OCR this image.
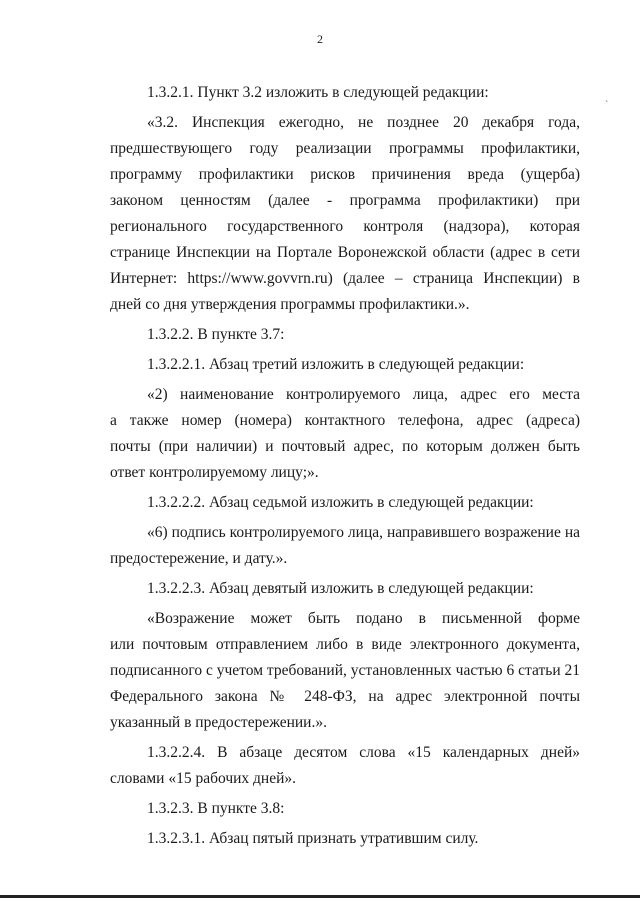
2
`
1.3.2.1. Пункт 3.2 изложить в следующей редакции:
«3.2. Инспекция ежегодно, не позднее 20 декабря года,
предшествующего году реализации программы профилактики,
программу профилактики рисков причинения вреда (ущерба)
законом ценностям (далее - программа профилактики) при
регионального государственного контроля (надзора), которая
странице Инспекции на Портале Воронежской области (адрес в сети
Интернет: https://www.govvrn.ru) (далее – страница Инспекции) в
дней со дня утверждения программы профилактики.».
1.3.2.2. В пункте 3.7:
1.3.2.2.1. Абзац третий изложить в следующей редакции:
«2) наименование контролируемого лица, адрес его места
а также номер (номера) контактного телефона, адрес (адреса)
почты (при наличии) и почтовый адрес, по которым должен быть
ответ контролируемому лицу;».
1.3.2.2.2. Абзац седьмой изложить в следующей редакции:
«6) подпись контролируемого лица, направившего возражение на
предостережение, и дату.».
1.3.2.2.3. Абзац девятый изложить в следующей редакции:
«Возражение может быть подано в письменной форме
или почтовым отправлением либо в виде электронного документа,
подписанного с учетом требований, установленных частью 6 статьи 21
Федерального закона № 248-ФЗ, на адрес электронной почты
указанный в предостережении.».
1.3.2.2.4. В абзаце десятом слова «15 календарных дней»
словами «15 рабочих дней».
1.3.2.3. В пункте 3.8:
1.3.2.3.1. Абзац пятый признать утратившим силу.
